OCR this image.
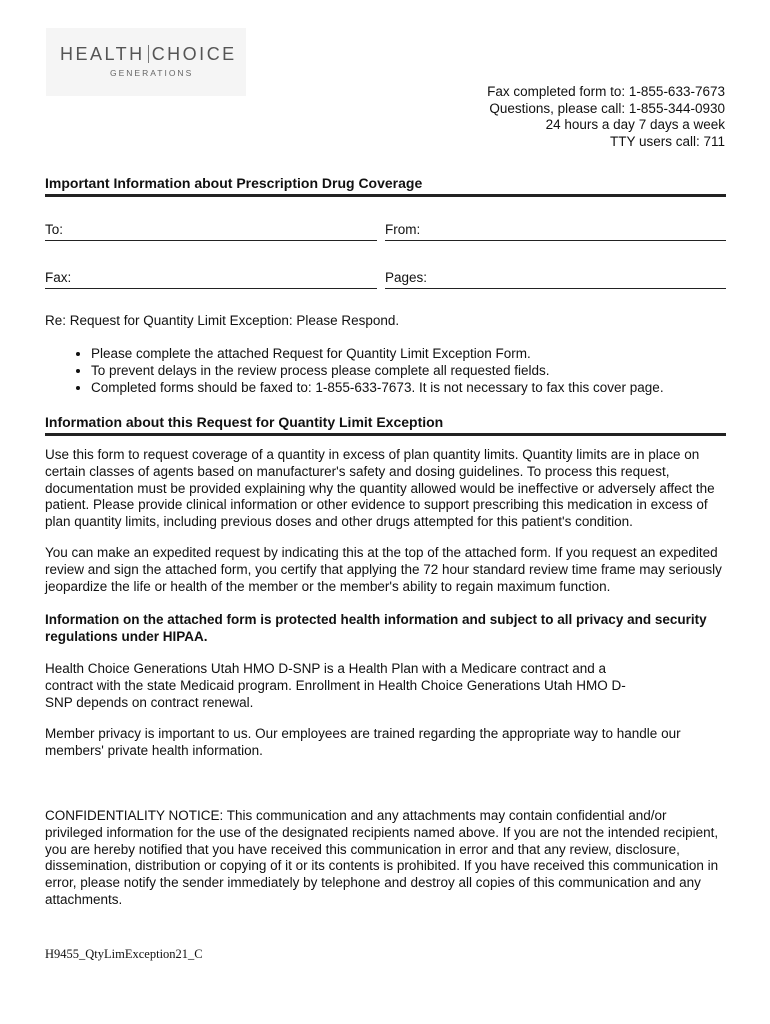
HEALTH CHOICE
GENERATIONS
Fax completed form to: 1-855-633-7673
Questions, please call: 1-855-344-0930
24 hours a day 7 days a week
TTY users call: 711
Important Information about Prescription Drug Coverage
To:	From:
Fax:	Pages:
Re: Request for Quantity Limit Exception: Please Respond.
• Please complete the attached Request for Quantity Limit Exception Form.
• To prevent delays in the review process please complete all requested fields.
• Completed forms should be faxed to: 1-855-633-7673. It is not necessary to fax this cover page.
Information about this Request for Quantity Limit Exception
Use this form to request coverage of a quantity in excess of plan quantity limits. Quantity limits are in place on certain classes of agents based on manufacturer's safety and dosing guidelines. To process this request, documentation must be provided explaining why the quantity allowed would be ineffective or adversely affect the patient. Please provide clinical information or other evidence to support prescribing this medication in excess of plan quantity limits, including previous doses and other drugs attempted for this patient's condition.
You can make an expedited request by indicating this at the top of the attached form. If you request an expedited review and sign the attached form, you certify that applying the 72 hour standard review time frame may seriously jeopardize the life or health of the member or the member's ability to regain maximum function.
Information on the attached form is protected health information and subject to all privacy and security regulations under HIPAA.
Health Choice Generations Utah HMO D-SNP is a Health Plan with a Medicare contract and a contract with the state Medicaid program. Enrollment in Health Choice Generations Utah HMO D-SNP depends on contract renewal.
Member privacy is important to us. Our employees are trained regarding the appropriate way to handle our members' private health information.
CONFIDENTIALITY NOTICE: This communication and any attachments may contain confidential and/or privileged information for the use of the designated recipients named above. If you are not the intended recipient, you are hereby notified that you have received this communication in error and that any review, disclosure, dissemination, distribution or copying of it or its contents is prohibited. If you have received this communication in error, please notify the sender immediately by telephone and destroy all copies of this communication and any attachments.
H9455_QtyLimException21_C
